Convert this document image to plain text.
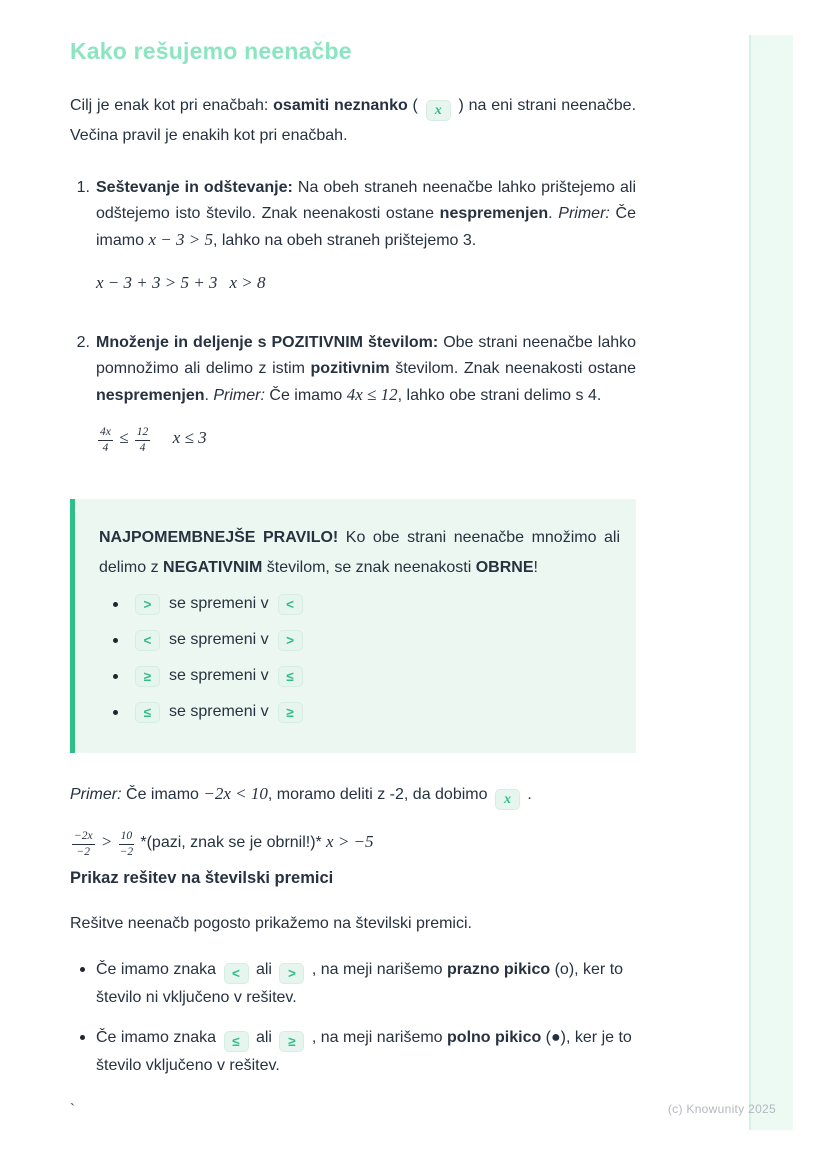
Kako rešujemo neenačbe

Cilj je enak kot pri enačbah: osamiti neznanko ( x ) na eni strani neenačbe. Večina pravil je enakih kot pri enačbah.

1. Seštevanje in odštevanje: Na obeh straneh neenačbe lahko prištejemo ali odštejemo isto število. Znak neenakosti ostane nespremenjen. Primer: Če imamo x − 3 > 5, lahko na obeh straneh prištejemo 3.
x − 3 + 3 > 5 + 3 x > 8
2. Množenje in deljenje s POZITIVNIM številom: Obe strani neenačbe lahko pomnožimo ali delimo z istim pozitivnim številom. Znak neenakosti ostane nespremenjen. Primer: Če imamo 4x ≤ 12, lahko obe strani delimo s 4.
$\frac{4x}{4} \le \frac{12}{4}$ x ≤ 3

NAJPOMEMBNEJŠE PRAVILO! Ko obe strani neenačbe množimo ali delimo z NEGATIVNIM številom, se znak neenakosti OBRNE!

>	se spremeni v	<
<	se spremeni v	>
≥	se spremeni v	≤
≤	se spremeni v	≥

Primer: Če imamo −2x < 10, moramo deliti z -2, da dobimo x .

$\frac{-2x}{-2} > \frac{10}{-2}$ *(pazi, znak se je obrnil!)* x > −5

Prikaz rešitev na številski premici

Rešitve neenačb pogosto prikažemo na številski premici.

Če imamo znaka < ali > , na meji narišemo prazno pikico (o), ker to število ni vključeno v rešitev.
Če imamo znaka ≤ ali ≥ , na meji narišemo polno pikico (●), ker je to število vključeno v rešitev.
`	(c) Knowunity 2025
